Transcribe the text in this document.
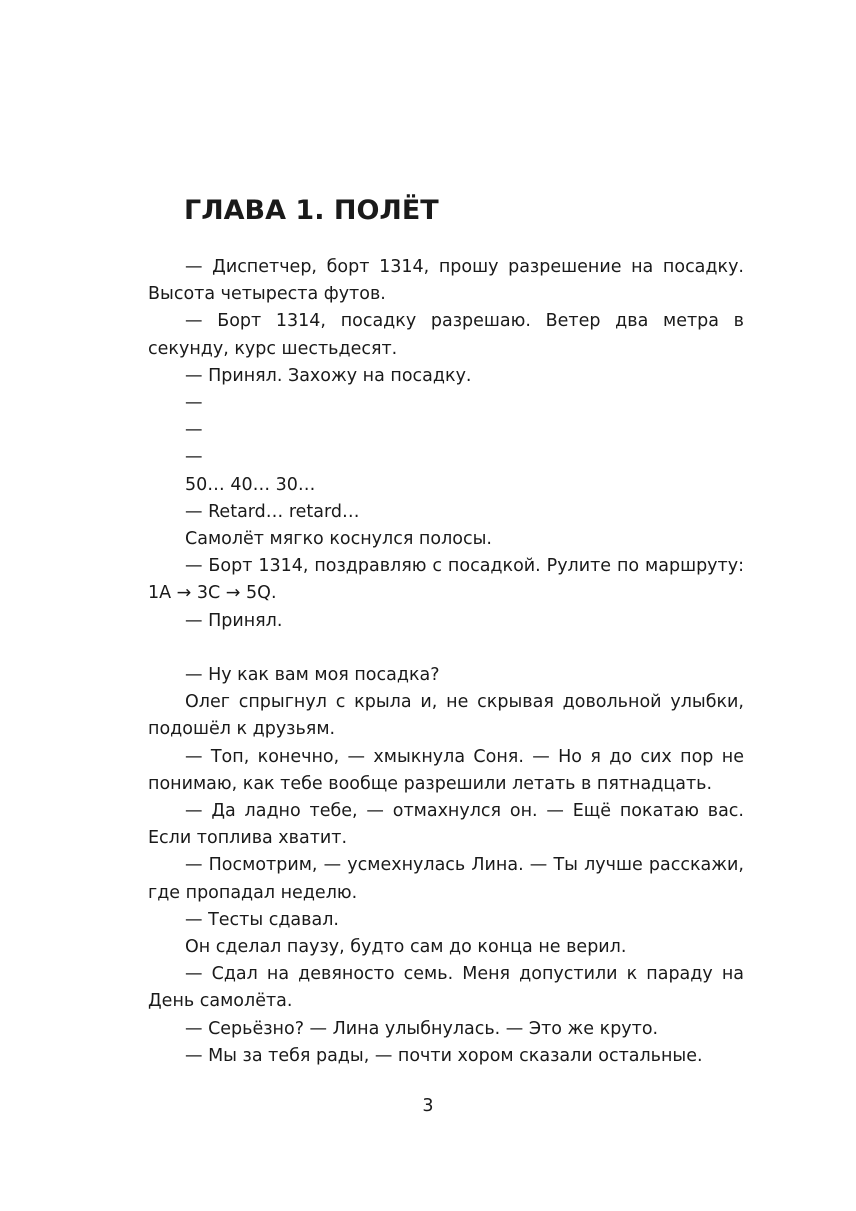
ГЛАВА 1. ПОЛЁТ

— Диспетчер, борт 1314, прошу разрешение на посадку. Высота четыреста футов.

— Борт 1314, посадку разрешаю. Ветер два метра в секунду, курс шестьдесят.

— Принял. Захожу на посадку.

—

—

—

50… 40… 30…

— Retard… retard…

Самолёт мягко коснулся полосы.

— Борт 1314, поздравляю с посадкой. Рулите по маршруту: 1A → 3C → 5Q.

— Принял.

— Ну как вам моя посадка?

Олег спрыгнул с крыла и, не скрывая довольной улыбки, подошёл к друзьям.

— Топ, конечно, — хмыкнула Соня. — Но я до сих пор не понимаю, как тебе вообще разрешили летать в пятнадцать.

— Да ладно тебе, — отмахнулся он. — Ещё покатаю вас. Если топлива хватит.

— Посмотрим, — усмехнулась Лина. — Ты лучше расскажи, где пропадал неделю.

— Тесты сдавал.

Он сделал паузу, будто сам до конца не верил.

— Сдал на девяносто семь. Меня допустили к параду на День самолёта.

— Серьёзно? — Лина улыбнулась. — Это же круто.

— Мы за тебя рады, — почти хором сказали остальные.

3
